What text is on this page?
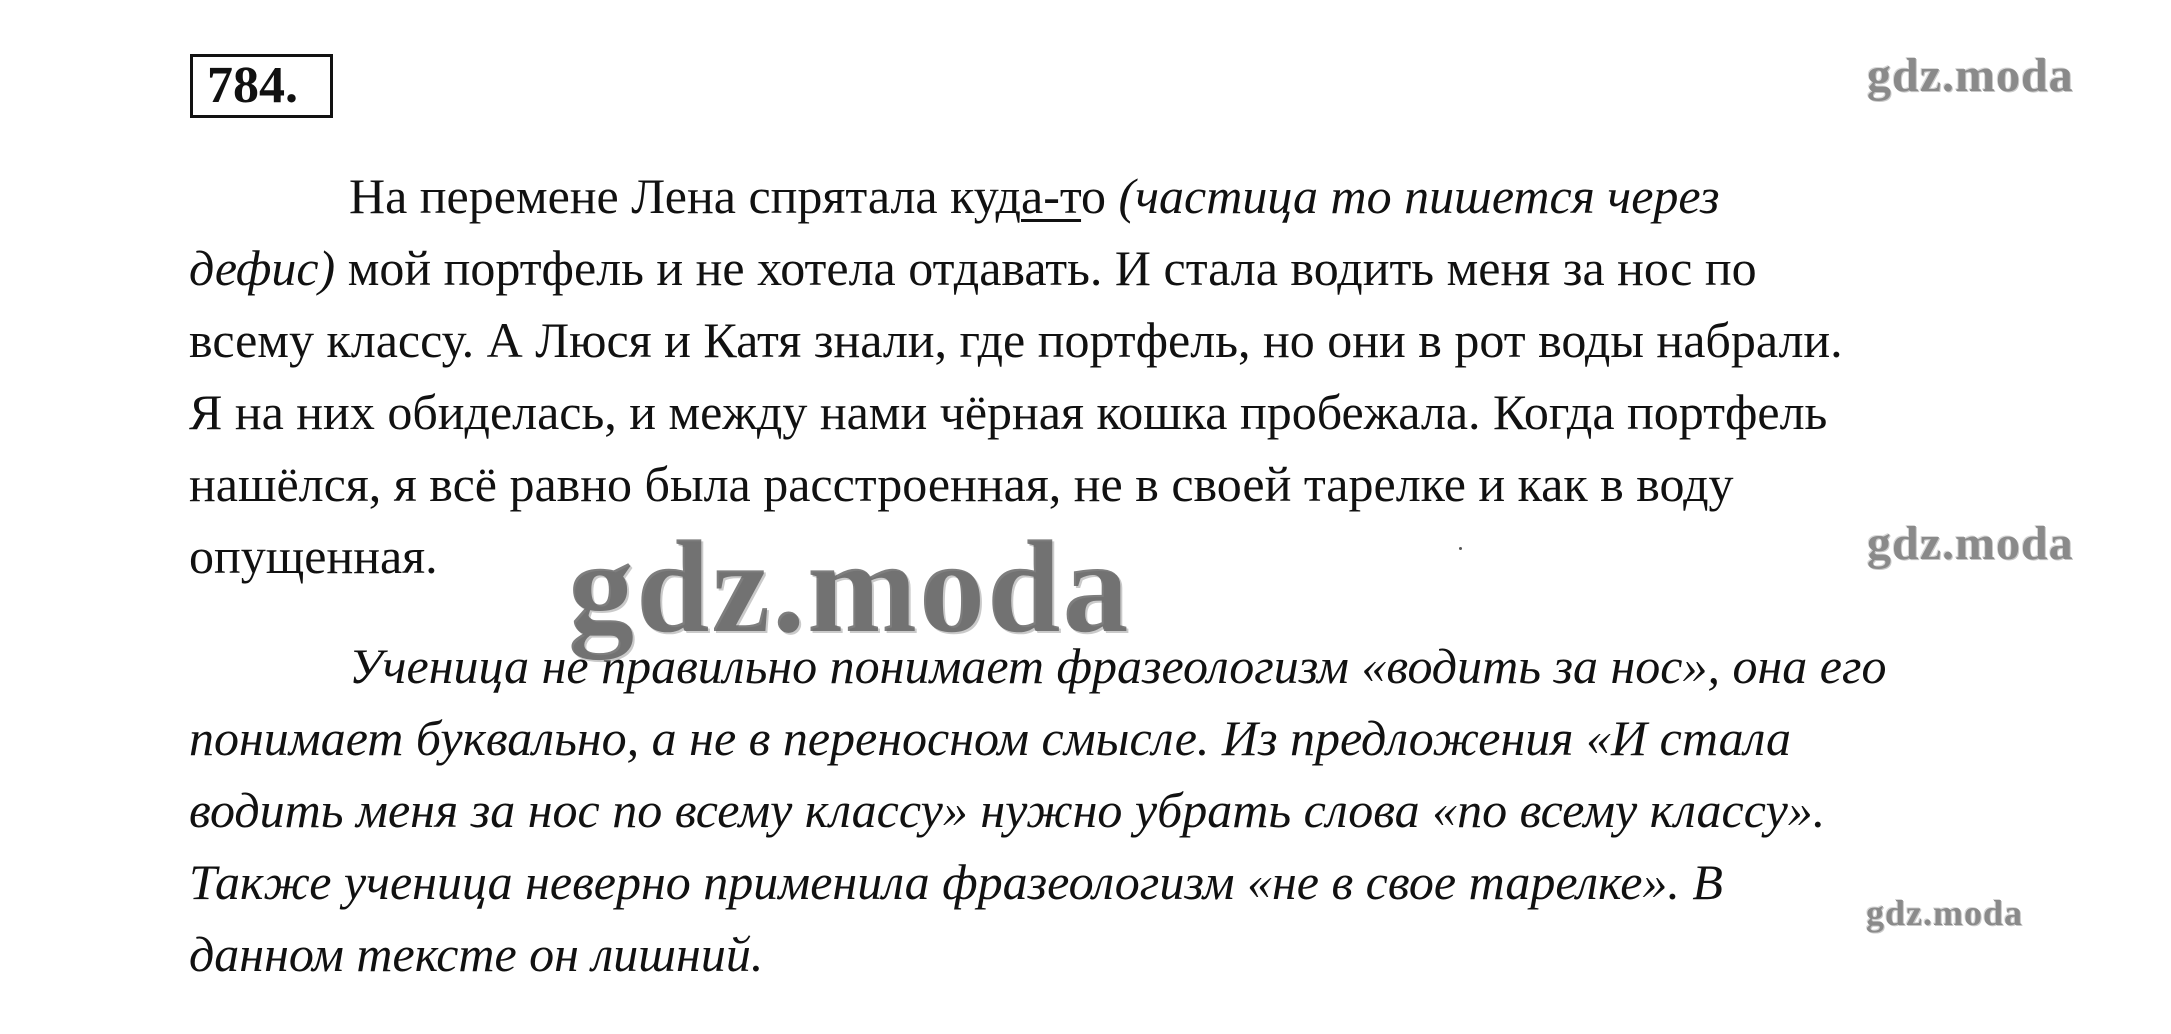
784.	gdz.moda
gdz.moda
gdz.moda
На перемене Лена спрятала куда-то (частица то пишется через
дефис) мой портфель и не хотела отдавать. И стала водить меня за нос по
всему классу. А Люся и Катя знали, где портфель, но они в рот воды набрали.
Я на них обиделась, и между нами чёрная кошка пробежала. Когда портфель
нашёлся, я всё равно была расстроенная, не в своей тарелке и как в воду
опущенная.
Ученица не правильно понимает фразеологизм «водить за нос», она его
понимает буквально, а не в переносном смысле. Из предложения «И стала
водить меня за нос по всему классу» нужно убрать слова «по всему классу».
Также ученица неверно применила фразеологизм «не в свое тарелке». В
данном тексте он лишний.
gdz.moda
